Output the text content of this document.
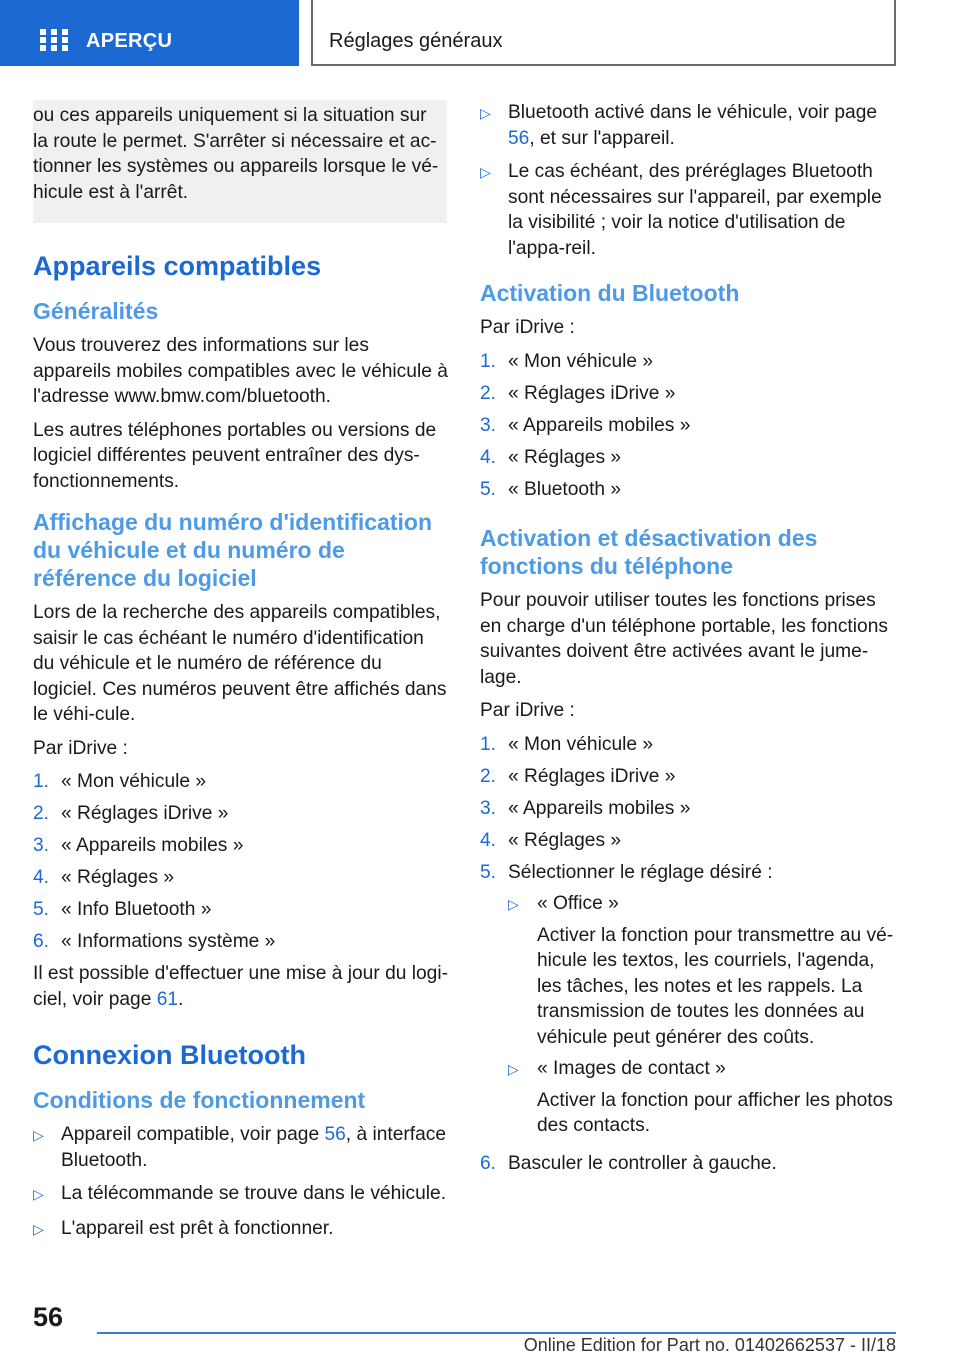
APERÇU	Réglages généraux
ou ces appareils uniquement si la situation sur
la route le permet. S'arrêter si nécessaire et ac-
tionner les systèmes ou appareils lorsque le vé-
hicule est à l'arrêt.
Appareils compatibles
Généralités

Vous trouverez des informations sur les appareils mobiles compatibles avec le véhicule à l'adresse www.bmw.com/bluetooth.

Les autres téléphones portables ou versions de logiciel différentes peuvent entraîner des dys-fonctionnements.

Affichage du numéro d'identification du véhicule et du numéro de référence du logiciel

Lors de la recherche des appareils compatibles, saisir le cas échéant le numéro d'identification du véhicule et le numéro de référence du logiciel. Ces numéros peuvent être affichés dans le véhi-cule.

Par iDrive :

1. « Mon véhicule »
2. « Réglages iDrive »
3. « Appareils mobiles »
4. « Réglages »
5. « Info Bluetooth »
6. « Informations système »

Il est possible d'effectuer une mise à jour du logi-ciel, voir page 61.

Connexion Bluetooth
Conditions de fonctionnement
▷ Appareil compatible, voir page 56, à interface Bluetooth.
▷ La télécommande se trouve dans le véhicule.
▷ L'appareil est prêt à fonctionner.
▷ Bluetooth activé dans le véhicule, voir page 56, et sur l'appareil.
▷ Le cas échéant, des préréglages Bluetooth sont nécessaires sur l'appareil, par exemple la visibilité ; voir la notice d'utilisation de l'appa-reil.
Activation du Bluetooth

Par iDrive :

1. « Mon véhicule »
2. « Réglages iDrive »
3. « Appareils mobiles »
4. « Réglages »
5. « Bluetooth »
Activation et désactivation des fonctions du téléphone

Pour pouvoir utiliser toutes les fonctions prises en charge d'un téléphone portable, les fonctions suivantes doivent être activées avant le jume-lage.

Par iDrive :

1. « Mon véhicule »
2. « Réglages iDrive »
3. « Appareils mobiles »
4. « Réglages »
5. Sélectionner le réglage désiré :
▷ « Office »
Activer la fonction pour transmettre au vé-hicule les textos, les courriels, l'agenda, les tâches, les notes et les rappels. La transmission de toutes les données au véhicule peut générer des coûts.
▷ « Images de contact »
Activer la fonction pour afficher les photos des contacts.
6. Basculer le controller à gauche.
56
Online Edition for Part no. 01402662537 - II/18
